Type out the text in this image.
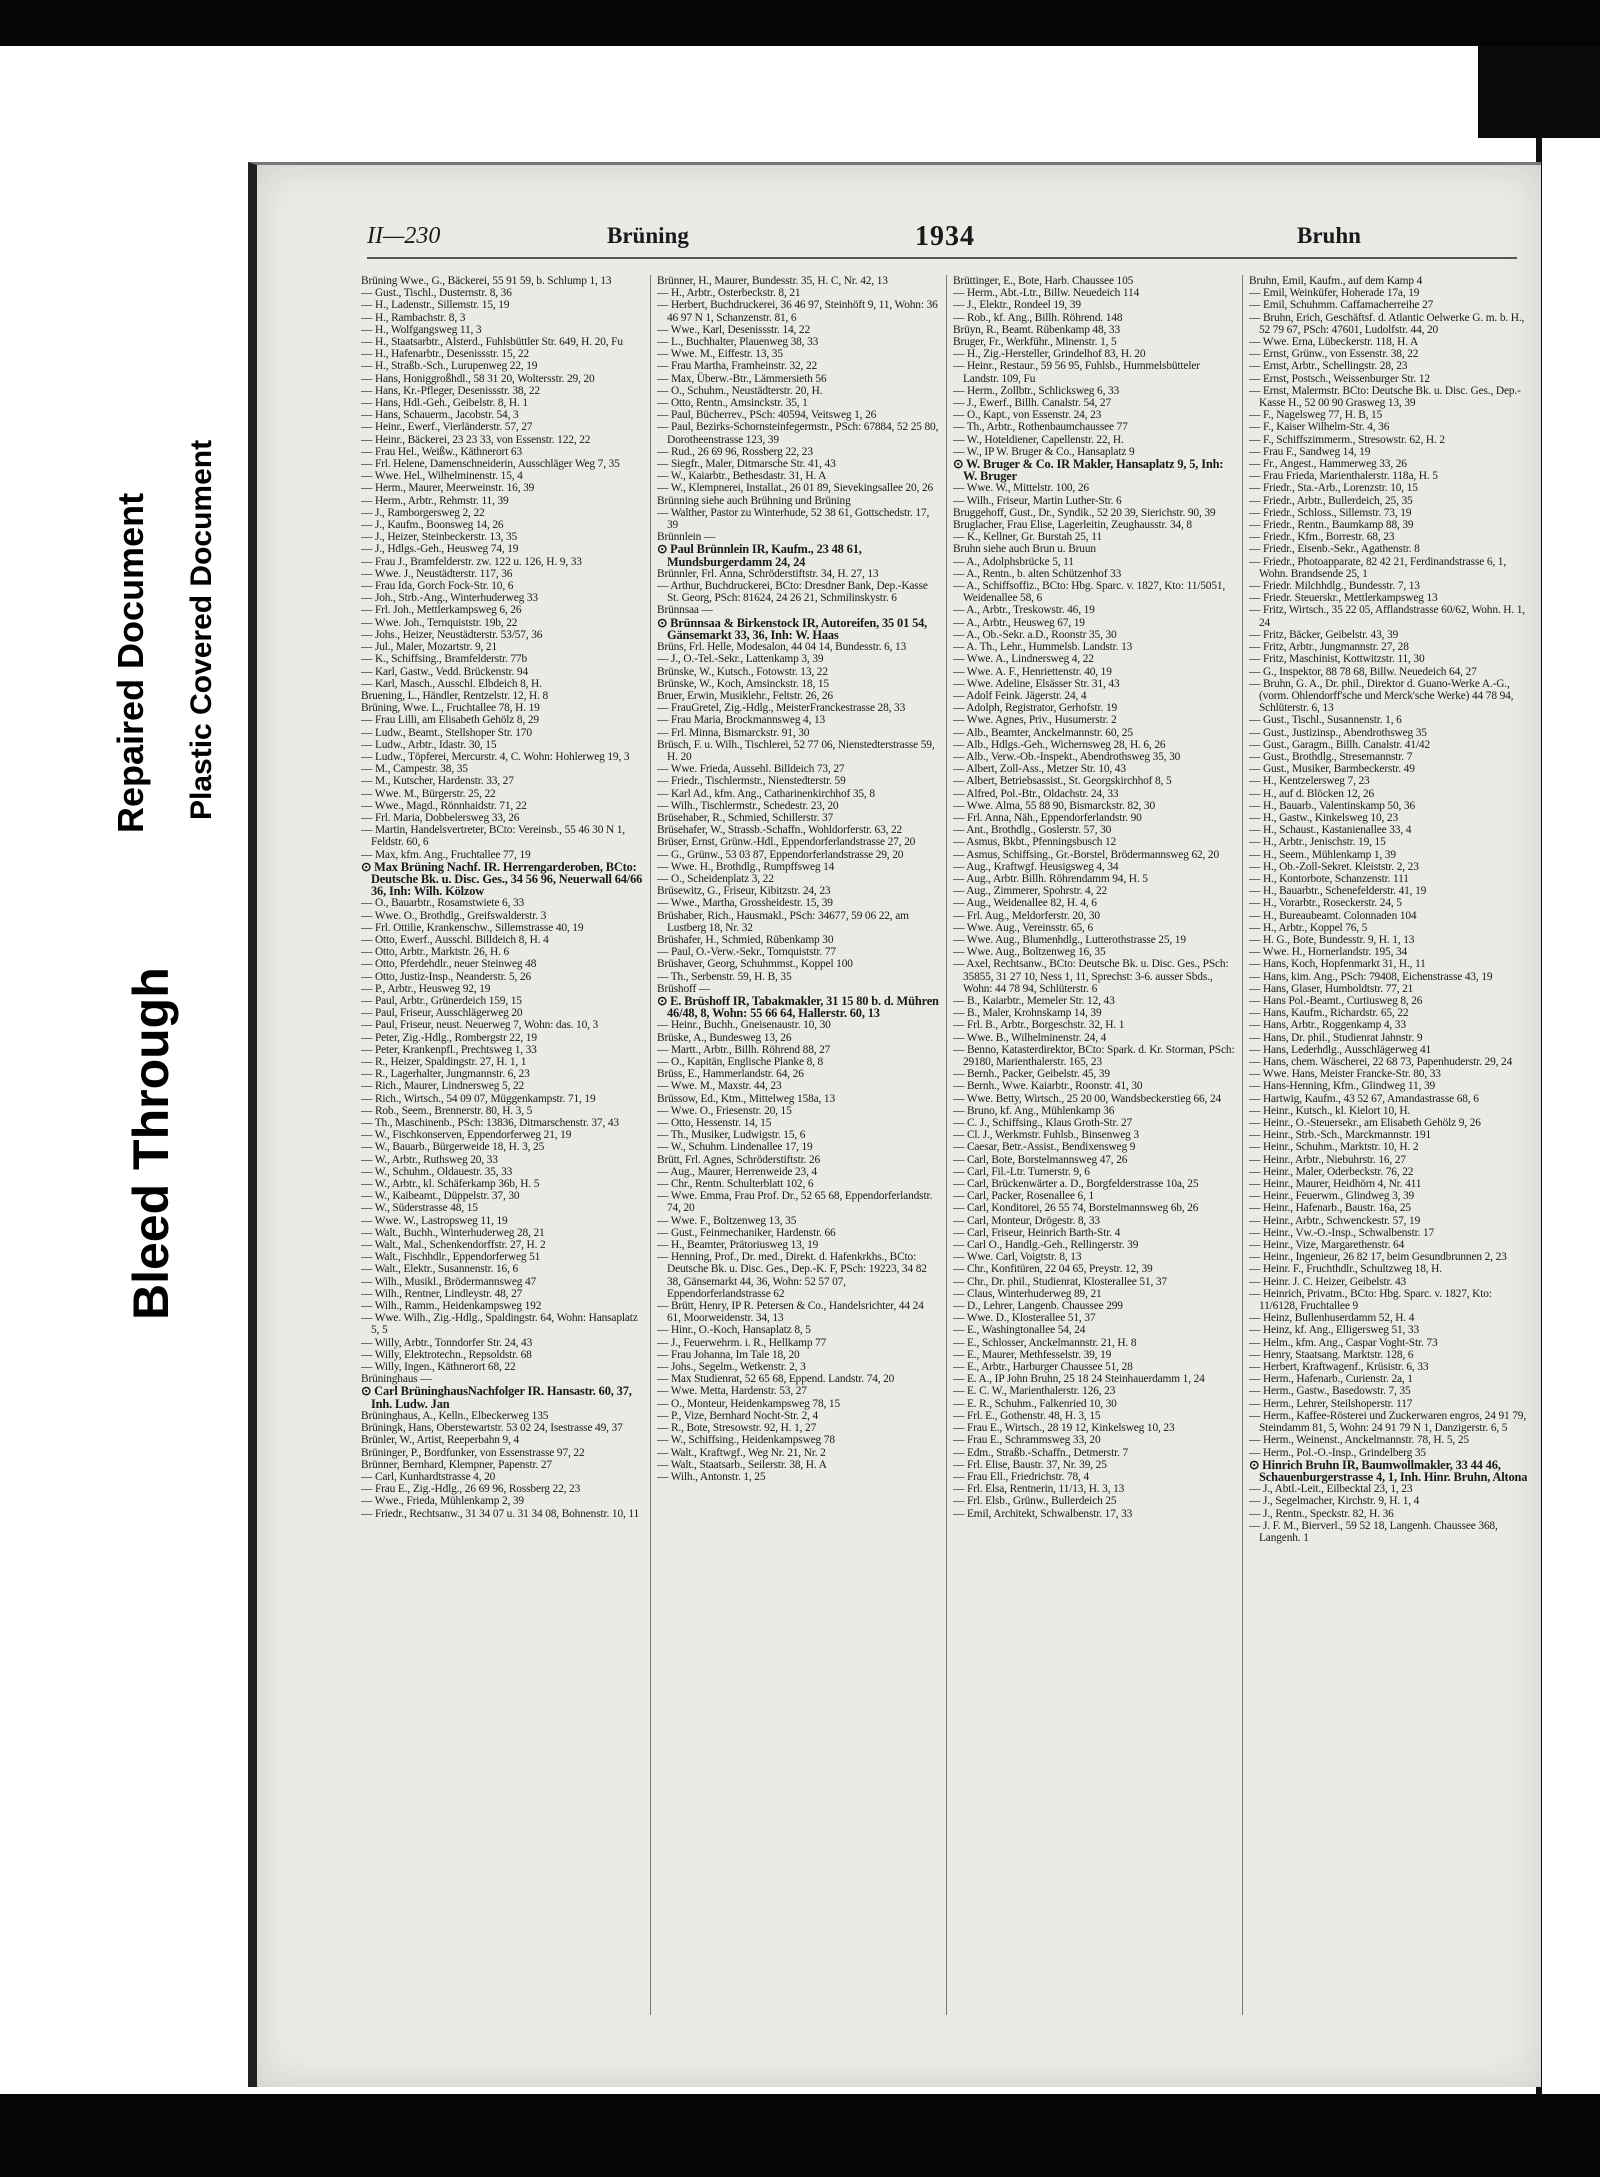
Bleed Through
Repaired Document Plastic Covered Document
II—230	Brüning	1934	Bruhn

Brüning Wwe., G., Bäckerei, 55 91 59, b. Schlump 1, 13

— Gust., Tischl., Dusternstr. 8, 36

— H., Ladenstr., Sillemstr. 15, 19

— H., Rambachstr. 8, 3

— H., Wolfgangsweg 11, 3

— H., Staatsarbtr., Alsterd., Fuhlsbüttler Str. 649, H. 20, Fu

— H., Hafenarbtr., Desenissstr. 15, 22

— H., Straßb.-Sch., Lurupenweg 22, 19

— Hans, Honiggroßhdl., 58 31 20, Woltersstr. 29, 20

— Hans, Kr.-Pfleger, Desenissstr. 38, 22

— Hans, Hdl.-Geh., Geibelstr. 8, H. 1

— Hans, Schauerm., Jacobstr. 54, 3

— Heinr., Ewerf., Vierländerstr. 57, 27

— Heinr., Bäckerei, 23 23 33, von Essenstr. 122, 22

— Frau Hel., Weißw., Käthnerort 63

— Frl. Helene, Damenschneiderin, Ausschläger Weg 7, 35

— Wwe. Hel., Wilhelminenstr. 15, 4

— Herm., Maurer, Meerweinstr. 16, 39

— Herm., Arbtr., Rehmstr. 11, 39

— J., Ramborgersweg 2, 22

— J., Kaufm., Boonsweg 14, 26

— J., Heizer, Steinbeckerstr. 13, 35

— J., Hdlgs.-Geh., Heusweg 74, 19

— Frau J., Bramfelderstr. zw. 122 u. 126, H. 9, 33

— Wwe. J., Neustädterstr. 117, 36

— Frau Ida, Gorch Fock-Str. 10, 6

— Joh., Strb.-Ang., Winterhuderweg 33

— Frl. Joh., Mettlerkampsweg 6, 26

— Wwe. Joh., Ternquiststr. 19b, 22

— Johs., Heizer, Neustädterstr. 53/57, 36

— Jul., Maler, Mozartstr. 9, 21

— K., Schiffsing., Bramfelderstr. 77b

— Karl, Gastw., Vedd. Brückenstr. 94

— Karl, Masch., Ausschl. Elbdeich 8, H.

Bruening, L., Händler, Rentzelstr. 12, H. 8

Brüning, Wwe. L., Fruchtallee 78, H. 19

— Frau Lilli, am Elisabeth Gehölz 8, 29

— Ludw., Beamt., Stellshoper Str. 170

— Ludw., Arbtr., Idastr. 30, 15

— Ludw., Töpferei, Mercurstr. 4, C. Wohn: Hohlerweg 19, 3

— M., Campestr. 38, 35

— M., Kutscher, Hardenstr. 33, 27

— Wwe. M., Bürgerstr. 25, 22

— Wwe., Magd., Rönnhaidstr. 71, 22

— Frl. Maria, Dobbelersweg 33, 26

— Martin, Handelsvertreter, BCto: Vereinsb., 55 46 30 N 1, Feldstr. 60, 6

— Max, kfm. Ang., Fruchtallee 77, 19

⊙ Max Brüning Nachf. IR. Herrengarderoben, BCto: Deutsche Bk. u. Disc. Ges., 34 56 96, Neuerwall 64/66 36, Inh: Wilh. Kölzow

— O., Bauarbtr., Rosamstwiete 6, 33

— Wwe. O., Brothdlg., Greifswalderstr. 3

— Frl. Ottilie, Krankenschw., Sillemstrasse 40, 19

— Otto, Ewerf., Ausschl. Billdeich 8, H. 4

— Otto, Arbtr., Marktstr. 26, H. 6

— Otto, Pferdehdlr., neuer Steinweg 48

— Otto, Justiz-Insp., Neanderstr. 5, 26

— P., Arbtr., Heusweg 92, 19

— Paul, Arbtr., Grünerdeich 159, 15

— Paul, Friseur, Ausschlägerweg 20

— Paul, Friseur, neust. Neuerweg 7, Wohn: das. 10, 3

— Peter, Zig.-Hdlg., Rombergstr 22, 19

— Peter, Krankenpfl., Prechtsweg 1, 33

— R., Heizer, Spaldingstr. 27, H. 1, 1

— R., Lagerhalter, Jungmannstr. 6, 23

— Rich., Maurer, Lindnersweg 5, 22

— Rich., Wirtsch., 54 09 07, Müggenkampstr. 71, 19

— Rob., Seem., Brennerstr. 80, H. 3, 5

— Th., Maschinenb., PSch: 13836, Ditmarschenstr. 37, 43

— W., Fischkonserven, Eppendorferweg 21, 19

— W., Bauarb., Bürgerweide 18, H. 3, 25

— W., Arbtr., Ruthsweg 20, 33

— W., Schuhm., Oldauestr. 35, 33

— W., Arbtr., kl. Schäferkamp 36b, H. 5

— W., Kaibeamt., Düppelstr. 37, 30

— W., Süderstrasse 48, 15

— Wwe. W., Lastropsweg 11, 19

— Walt., Buchh., Winterhuderweg 28, 21

— Walt., Mal., Schenkendorffstr. 27, H. 2

— Walt., Fischhdlr., Eppendorferweg 51

— Walt., Elektr., Susannenstr. 16, 6

— Wilh., Musikl., Brödermannsweg 47

— Wilh., Rentner, Lindleystr. 48, 27

— Wilh., Ramm., Heidenkampsweg 192

— Wwe. Wilh., Zig.-Hdlg., Spaldingstr. 64, Wohn: Hansaplatz 5, 5

— Willy, Arbtr., Tonndorfer Str. 24, 43

— Willy, Elektrotechn., Repsoldstr. 68

— Willy, Ingen., Käthnerort 68, 22

Brüninghaus —

⊙ Carl BrüninghausNachfolger IR. Hansastr. 60, 37, Inh. Ludw. Jan

Brüninghaus, A., Kelln., Elbeckerweg 135

Brüningk, Hans, Oberstewartstr. 53 02 24, Isestrasse 49, 37

Brünler, W., Artist, Reeperbahn 9, 4

Brüninger, P., Bordfunker, von Essenstrasse 97, 22

Brünner, Bernhard, Klempner, Papenstr. 27

— Carl, Kunhardtstrasse 4, 20

— Frau E., Zig.-Hdlg., 26 69 96, Rossberg 22, 23

— Wwe., Frieda, Mühlenkamp 2, 39

— Friedr., Rechtsanw., 31 34 07 u. 31 34 08, Bohnenstr. 10, 11

Brünner, H., Maurer, Bundesstr. 35, H. C, Nr. 42, 13

— H., Arbtr., Osterbeckstr. 8, 21

— Herbert, Buchdruckerei, 36 46 97, Steinhöft 9, 11, Wohn: 36 46 97 N 1, Schanzenstr. 81, 6

— Wwe., Karl, Desenissstr. 14, 22

— L., Buchhalter, Plauenweg 38, 33

— Wwe. M., Eiffestr. 13, 35

— Frau Martha, Framheinstr. 32, 22

— Max, Überw.-Btr., Lämmersieth 56

— O., Schuhm., Neustädterstr. 20, H.

— Otto, Rentn., Amsinckstr. 35, 1

— Paul, Bücherrev., PSch: 40594, Veitsweg 1, 26

— Paul, Bezirks-Schornsteinfegermstr., PSch: 67884, 52 25 80, Dorotheenstrasse 123, 39

— Rud., 26 69 96, Rossberg 22, 23

— Siegfr., Maler, Ditmarsche Str. 41, 43

— W., Kaiarbtr., Bethesdastr. 31, H. A

— W., Klempnerei, Installat., 26 01 89, Sievekingsallee 20, 26

Brünning siehe auch Brühning und Brüning

— Walther, Pastor zu Winterhude, 52 38 61, Gottschedstr. 17, 39

Brünnlein —

⊙ Paul Brünnlein IR, Kaufm., 23 48 61, Mundsburgerdamm 24, 24

Brünnler, Frl. Anna, Schröderstiftstr. 34, H. 27, 13

— Arthur, Buchdruckerei, BCto: Dresdner Bank, Dep.-Kasse St. Georg, PSch: 81624, 24 26 21, Schmilinskystr. 6

Brünnsaa —

⊙ Brünnsaa & Birkenstock IR, Autoreifen, 35 01 54, Gänsemarkt 33, 36, Inh: W. Haas

Brüns, Frl. Helle, Modesalon, 44 04 14, Bundesstr. 6, 13

— J., O.-Tel.-Sekr., Lattenkamp 3, 39

Brünske, W., Kutsch., Fotowstr. 13, 22

Brünske, W., Koch, Amsinckstr. 18, 15

Bruer, Erwin, Musiklehr., Feltstr. 26, 26

— FrauGretel, Zig.-Hdlg., MeisterFranckestrasse 28, 33

— Frau Maria, Brockmannsweg 4, 13

— Frl. Minna, Bismarckstr. 91, 30

Brüsch, F. u. Wilh., Tischlerei, 52 77 06, Nienstedterstrasse 59, H. 20

— Wwe. Frieda, Aussehl. Billdeich 73, 27

— Friedr., Tischlermstr., Nienstedterstr. 59

— Karl Ad., kfm. Ang., Catharinenkirchhof 35, 8

— Wilh., Tischlermstr., Schedestr. 23, 20

Brüsehaber, R., Schmied, Schillerstr. 37

Brüsehafer, W., Strassb.-Schaffn., Wohldorferstr. 63, 22

Brüser, Ernst, Grünw.-Hdl., Eppendorferlandstrasse 27, 20

— G., Grünw., 53 03 87, Eppendorferlandstrasse 29, 20

— Wwe. H., Brothdlg., Rumpffsweg 14

— O., Scheidenplatz 3, 22

Brüsewitz, G., Friseur, Kibitzstr. 24, 23

— Wwe., Martha, Grossheidestr. 15, 39

Brüshaber, Rich., Hausmakl., PSch: 34677, 59 06 22, am Lustberg 18, Nr. 32

Brüshafer, H., Schmied, Rübenkamp 30

— Paul, O.-Verw.-Sekr., Tornquiststr. 77

Brüshaver, Georg, Schuhmmst., Koppel 100

— Th., Serbenstr. 59, H. B, 35

Brüshoff —

⊙ E. Brüshoff IR, Tabakmakler, 31 15 80 b. d. Mühren 46/48, 8, Wohn: 55 66 64, Hallerstr. 60, 13

— Heinr., Buchh., Gneisenaustr. 10, 30

Brüske, A., Bundesweg 13, 26

— Martt., Arbtr., Billh. Röhrend 88, 27

— O., Kapitän, Englische Planke 8, 8

Brüss, E., Hammerlandstr. 64, 26

— Wwe. M., Maxstr. 44, 23

Brüssow, Ed., Ktm., Mittelweg 158a, 13

— Wwe. O., Friesenstr. 20, 15

— Otto, Hessenstr. 14, 15

— Th., Musiker, Ludwigstr. 15, 6

— W., Schuhm. Lindenallee 17, 19

Brütt, Frl. Agnes, Schröderstiftstr. 26

— Aug., Maurer, Herrenweide 23, 4

— Chr., Rentn. Schulterblatt 102, 6

— Wwe. Emma, Frau Prof. Dr., 52 65 68, Eppendorferlandstr. 74, 20

— Wwe. F., Boltzenweg 13, 35

— Gust., Feinmechaniker, Hardenstr. 66

— H., Beamter, Prätoriusweg 13, 19

— Henning, Prof., Dr. med., Direkt. d. Hafenkrkhs., BCto: Deutsche Bk. u. Disc. Ges., Dep.-K. F, PSch: 19223, 34 82 38, Gänsemarkt 44, 36, Wohn: 52 57 07, Eppendorferlandstrasse 62

— Brütt, Henry, IP R. Petersen & Co., Handelsrichter, 44 24 61, Moorweidenstr. 34, 13

— Hinr., O.-Koch, Hansaplatz 8, 5

— J., Feuerwehrm. i. R., Hellkamp 77

— Frau Johanna, Im Tale 18, 20

— Johs., Segelm., Wetkenstr. 2, 3

— Max Studienrat, 52 65 68, Eppend. Landstr. 74, 20

— Wwe. Metta, Hardenstr. 53, 27

— O., Monteur, Heidenkampsweg 78, 15

— P., Vize, Bernhard Nocht-Str. 2, 4

— R., Bote, Stresowstr. 92, H. 1, 27

— W., Schiffsing., Heidenkampsweg 78

— Walt., Kraftwgf., Weg Nr. 21, Nr. 2

— Walt., Staatsarb., Seilerstr. 38, H. A

— Wilh., Antonstr. 1, 25

Brüttinger, E., Bote, Harb. Chaussee 105

— Herm., Abt.-Ltr., Billw. Neuedeich 114

— J., Elektr., Rondeel 19, 39

— Rob., kf. Ang., Billh. Röhrend. 148

Brüyn, R., Beamt. Rübenkamp 48, 33

Bruger, Fr., Werkführ., Minenstr. 1, 5

— H., Zig.-Hersteller, Grindelhof 83, H. 20

— Heinr., Restaur., 59 56 95, Fuhlsb., Hummelsbütteler Landstr. 109, Fu

— Herm., Zollbtr., Schlicksweg 6, 33

— J., Ewerf., Billh. Canalstr. 54, 27

— O., Kapt., von Essenstr. 24, 23

— Th., Arbtr., Rothenbaumchaussee 77

— W., Hoteldiener, Capellenstr. 22, H.

— W., IP W. Bruger & Co., Hansaplatz 9

⊙ W. Bruger & Co. IR Makler, Hansaplatz 9, 5, Inh: W. Bruger

— Wwe. W., Mittelstr. 100, 26

— Wilh., Friseur, Martin Luther-Str. 6

Bruggehoff, Gust., Dr., Syndik., 52 20 39, Sierichstr. 90, 39

Bruglacher, Frau Elise, Lagerleitin, Zeughausstr. 34, 8

— K., Kellner, Gr. Burstah 25, 11

Bruhn siehe auch Brun u. Bruun

— A., Adolphsbrücke 5, 11

— A., Rentn., b. alten Schützenhof 33

— A., Schiffsoffiz., BCto: Hbg. Sparc. v. 1827, Kto: 11/5051, Weidenallee 58, 6

— A., Arbtr., Treskowstr. 46, 19

— A., Arbtr., Heusweg 67, 19

— A., Ob.-Sekr. a.D., Roonstr 35, 30

— A. Th., Lehr., Hummelsb. Landstr. 13

— Wwe. A., Lindnersweg 4, 22

— Wwe. A. F., Henriettenstr. 40, 19

— Wwe. Adeline, Elsässer Str. 31, 43

— Adolf Feink. Jägerstr. 24, 4

— Adolph, Registrator, Gerhofstr. 19

— Wwe. Agnes, Priv., Husumerstr. 2

— Alb., Beamter, Anckelmannstr. 60, 25

— Alb., Hdlgs.-Geh., Wichernsweg 28, H. 6, 26

— Alb., Verw.-Ob.-Inspekt., Abendrothsweg 35, 30

— Albert, Zoll-Ass., Metzer Str. 10, 43

— Albert, Betriebsassist., St. Georgskirchhof 8, 5

— Alfred, Pol.-Btr., Oldachstr. 24, 33

— Wwe. Alma, 55 88 90, Bismarckstr. 82, 30

— Frl. Anna, Näh., Eppendorferlandstr. 90

— Ant., Brothdlg., Goslerstr. 57, 30

— Asmus, Bkbt., Pfenningsbusch 12

— Asmus, Schiffsing., Gr.-Borstel, Brödermannsweg 62, 20

— Aug., Kraftwgf. Heusigsweg 4, 34

— Aug., Arbtr. Billh. Röhrendamm 94, H. 5

— Aug., Zimmerer, Spohrstr. 4, 22

— Aug., Weidenallee 82, H. 4, 6

— Frl. Aug., Meldorferstr. 20, 30

— Wwe. Aug., Vereinsstr. 65, 6

— Wwe. Aug., Blumenhdlg., Lutterothstrasse 25, 19

— Wwe. Aug., Boltzenweg 16, 35

— Axel, Rechtsanw., BCto: Deutsche Bk. u. Disc. Ges., PSch: 35855, 31 27 10, Ness 1, 11, Sprechst: 3-6. ausser Sbds., Wohn: 44 78 94, Schlüterstr. 6

— B., Kaiarbtr., Memeler Str. 12, 43

— B., Maler, Krohnskamp 14, 39

— Frl. B., Arbtr., Borgeschstr. 32, H. 1

— Wwe. B., Wilhelminenstr. 24, 4

— Benno, Katasterdirektor, BCto: Spark. d. Kr. Storman, PSch: 29180, Marienthalerstr. 165, 23

— Bernh., Packer, Geibelstr. 45, 39

— Bernh., Wwe. Kaiarbtr., Roonstr. 41, 30

— Wwe. Betty, Wirtsch., 25 20 00, Wandsbeckerstieg 66, 24

— Bruno, kf. Ang., Mühlenkamp 36

— C. J., Schiffsing., Klaus Groth-Str. 27

— Cl. J., Werkmstr. Fuhlsb., Binsenweg 3

— Caesar, Betr.-Assist., Bendixensweg 9

— Carl, Bote, Borstelmannsweg 47, 26

— Carl, Fil.-Ltr. Turnerstr. 9, 6

— Carl, Brückenwärter a. D., Borgfelderstrasse 10a, 25

— Carl, Packer, Rosenallee 6, 1

— Carl, Konditorei, 26 55 74, Borstelmannsweg 6b, 26

— Carl, Monteur, Drögestr. 8, 33

— Carl, Friseur, Heinrich Barth-Str. 4

— Carl O., Handlg.-Geh., Rellingerstr. 39

— Wwe. Carl, Voigtstr. 8, 13

— Chr., Konfitüren, 22 04 65, Preystr. 12, 39

— Chr., Dr. phil., Studienrat, Klosterallee 51, 37

— Claus, Winterhuderweg 89, 21

— D., Lehrer, Langenb. Chaussee 299

— Wwe. D., Klosterallee 51, 37

— E., Washingtonallee 54, 24

— E., Schlosser, Anckelmannstr. 21, H. 8

— E., Maurer, Methfesselstr. 39, 19

— E., Arbtr., Harburger Chaussee 51, 28

— E. A., IP John Bruhn, 25 18 24 Steinhauerdamm 1, 24

— E. C. W., Marienthalerstr. 126, 23

— E. R., Schuhm., Falkenried 10, 30

— Frl. E., Gothenstr. 48, H. 3, 15

— Frau E., Wirtsch., 28 19 12, Kinkelsweg 10, 23

— Frau E., Schrammsweg 33, 20

— Edm., Straßb.-Schaffn., Detmerstr. 7

— Frl. Elise, Baustr. 37, Nr. 39, 25

— Frau Ell., Friedrichstr. 78, 4

— Frl. Elsa, Rentnerin, 11/13, H. 3, 13

— Frl. Elsb., Grünw., Bullerdeich 25

— Emil, Architekt, Schwalbenstr. 17, 33

Bruhn, Emil, Kaufm., auf dem Kamp 4

— Emil, Weinküfer, Hoherade 17a, 19

— Emil, Schuhmm. Caffamacherreihe 27

— Bruhn, Erich, Geschäftsf. d. Atlantic Oelwerke G. m. b. H., 52 79 67, PSch: 47601, Ludolfstr. 44, 20

— Wwe. Erna, Lübeckerstr. 118, H. A

— Ernst, Grünw., von Essenstr. 38, 22

— Ernst, Arbtr., Schellingstr. 28, 23

— Ernst, Postsch., Weissenburger Str. 12

— Ernst, Malermstr. BCto: Deutsche Bk. u. Disc. Ges., Dep.-Kasse H., 52 00 90 Grasweg 13, 39

— F., Nagelsweg 77, H. B, 15

— F., Kaiser Wilhelm-Str. 4, 36

— F., Schiffszimmerm., Stresowstr. 62, H. 2

— Frau F., Sandweg 14, 19

— Fr., Angest., Hammerweg 33, 26

— Frau Frieda, Marienthalerstr. 118a, H. 5

— Friedr., Sta.-Arb., Lorenzstr. 10, 15

— Friedr., Arbtr., Bullerdeich, 25, 35

— Friedr., Schloss., Sillemstr. 73, 19

— Friedr., Rentn., Baumkamp 88, 39

— Friedr., Kfm., Borrestr. 68, 23

— Friedr., Eisenb.-Sekr., Agathenstr. 8

— Friedr., Photoapparate, 82 42 21, Ferdinandstrasse 6, 1, Wohn. Brandsende 25, 1

— Friedr. Milchhdlg., Bundesstr. 7, 13

— Friedr. Steuerskr., Mettlerkampsweg 13

— Fritz, Wirtsch., 35 22 05, Afflandstrasse 60/62, Wohn. H. 1, 24

— Fritz, Bäcker, Geibelstr. 43, 39

— Fritz, Arbtr., Jungmannstr. 27, 28

— Fritz, Maschinist, Kottwitzstr. 11, 30

— G., Inspektor, 88 78 68, Billw. Neuedeich 64, 27

— Bruhn, G. A., Dr. phil., Direktor d. Guano-Werke A.-G., (vorm. Ohlendorff'sche und Merck'sche Werke) 44 78 94, Schlüterstr. 6, 13

— Gust., Tischl., Susannenstr. 1, 6

— Gust., Justizinsp., Abendrothsweg 35

— Gust., Garagm., Billh. Canalstr. 41/42

— Gust., Brothdlg., Stresemannstr. 7

— Gust., Musiker, Barmbeckerstr. 49

— H., Kentzelersweg 7, 23

— H., auf d. Blöcken 12, 26

— H., Bauarb., Valentinskamp 50, 36

— H., Gastw., Kinkelsweg 10, 23

— H., Schaust., Kastanienallee 33, 4

— H., Arbtr., Jenischstr. 19, 15

— H., Seem., Mühlenkamp 1, 39

— H., Ob.-Zoll-Sekret. Kleiststr. 2, 23

— H., Kontorbote, Schanzenstr. 111

— H., Bauarbtr., Schenefelderstr. 41, 19

— H., Vorarbtr., Roseckerstr. 24, 5

— H., Bureaubeamt. Colonnaden 104

— H., Arbtr., Koppel 76, 5

— H. G., Bote, Bundesstr. 9, H. 1, 13

— Wwe. H., Hornerlandstr. 195, 34

— Hans, Koch, Hopfenmarkt 31, H., 11

— Hans, kim. Ang., PSch: 79408, Eichenstrasse 43, 19

— Hans, Glaser, Humboldtstr. 77, 21

— Hans Pol.-Beamt., Curtiusweg 8, 26

— Hans, Kaufm., Richardstr. 65, 22

— Hans, Arbtr., Roggenkamp 4, 33

— Hans, Dr. phil., Studienrat Jahnstr. 9

— Hans, Lederhdlg., Ausschlägerweg 41

— Hans, chem. Wäscherei, 22 68 73, Papenhuderstr. 29, 24

— Wwe. Hans, Meister Francke-Str. 80, 33

— Hans-Henning, Kfm., Glindweg 11, 39

— Hartwig, Kaufm., 43 52 67, Amandastrasse 68, 6

— Heinr., Kutsch., kl. Kielort 10, H.

— Heinr., O.-Steuersekr., am Elisabeth Gehölz 9, 26

— Heinr., Strb.-Sch., Marckmannstr. 191

— Heinr., Schuhm., Marktstr. 10, H. 2

— Heinr., Arbtr., Niebuhrstr. 16, 27

— Heinr., Maler, Oderbeckstr. 76, 22

— Heinr., Maurer, Heidhörn 4, Nr. 411

— Heinr., Feuerwm., Glindweg 3, 39

— Heinr., Hafenarb., Baustr. 16a, 25

— Heinr., Arbtr., Schwenckestr. 57, 19

— Heinr., Vw.-O.-Insp., Schwalbenstr. 17

— Heinr., Vize, Margarethenstr. 64

— Heinr., Ingenieur, 26 82 17, beim Gesundbrunnen 2, 23

— Heinr. F., Fruchthdlr., Schultzweg 18, H.

— Heinr. J. C. Heizer, Geibelstr. 43

— Heinrich, Privatm., BCto: Hbg. Sparc. v. 1827, Kto: 11/6128, Fruchtallee 9

— Heinz, Bullenhuserdamm 52, H. 4

— Heinz, kf. Ang., Elligersweg 51, 33

— Helm., kfm. Ang., Caspar Voght-Str. 73

— Henry, Staatsang. Marktstr. 128, 6

— Herbert, Kraftwagenf., Krüsistr. 6, 33

— Herm., Hafenarb., Curienstr. 2a, 1

— Herm., Gastw., Basedowstr. 7, 35

— Herm., Lehrer, Steilshoperstr. 117

— Herm., Kaffee-Rösterei und Zuckerwaren engros, 24 91 79, Steindamm 81, 5, Wohn: 24 91 79 N 1, Danzigerstr. 6, 5

— Herm., Weinenst., Anckelmannstr. 78, H. 5, 25

— Herm., Pol.-O.-Insp., Grindelberg 35

⊙ Hinrich Bruhn IR, Baumwollmakler, 33 44 46, Schauenburgerstrasse 4, 1, Inh. Hinr. Bruhn, Altona

— J., Abtl.-Leit., Eilbecktal 23, 1, 23

— J., Segelmacher, Kirchstr. 9, H. 1, 4

— J., Rentn., Speckstr. 82, H. 36

— J. F. M., Bierverl., 59 52 18, Langenh. Chaussee 368, Langenh. 1
